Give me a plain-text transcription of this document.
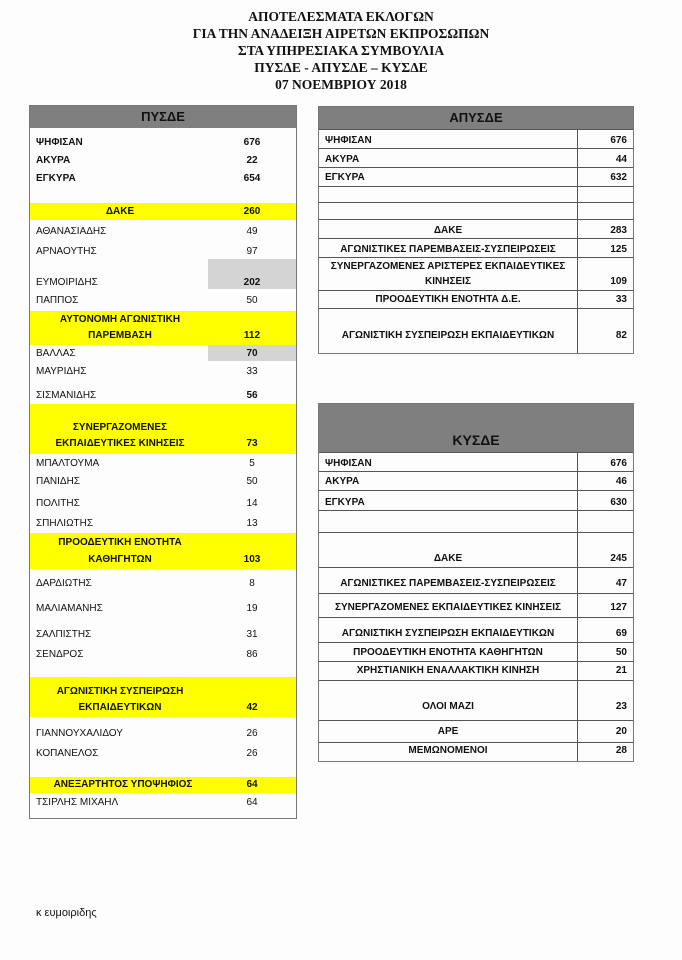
ΑΠΟΤΕΛΕΣΜΑΤΑ ΕΚΛΟΓΩΝ
ΓΙΑ ΤΗΝ ΑΝΑΔΕΙΞΗ ΑΙΡΕΤΩΝ ΕΚΠΡΟΣΩΠΩΝ
ΣΤΑ ΥΠΗΡΕΣΙΑΚΑ ΣΥΜΒΟΥΛΙΑ
ΠΥΣΔΕ - ΑΠΥΣΔΕ – ΚΥΣΔΕ
07 ΝΟΕΜΒΡΙΟΥ 2018
ΠΥΣΔΕ
ΨΗΦΙΣΑΝ	676
ΑΚΥΡΑ	22
ΕΓΚΥΡΑ	654
ΔΑΚΕ	260
ΑΘΑΝΑΣΙΑΔΗΣ	49
ΑΡΝΑΟΥΤΗΣ	97
ΕΥΜΟΙΡΙΔΗΣ	202
ΠΑΠΠΟΣ	50
ΑΥΤΟΝΟΜΗ ΑΓΩΝΙΣΤΙΚΗ
ΠΑΡΕΜΒΑΣΗ	112
ΒΑΛΛΑΣ	70
ΜΑΥΡΙΔΗΣ	33
ΣΙΣΜΑΝΙΔΗΣ	56
ΣΥΝΕΡΓΑΖΟΜΕΝΕΣ
ΕΚΠΑΙΔΕΥΤΙΚΕΣ ΚΙΝΗΣΕΙΣ	73
ΜΠΑΛΤΟΥΜΑ	5
ΠΑΝΙΔΗΣ	50
ΠΟΛΙΤΗΣ	14
ΣΠΗΛΙΩΤΗΣ	13
ΠΡΟΟΔΕΥΤΙΚΗ ΕΝΟΤΗΤΑ
ΚΑΘΗΓΗΤΩΝ	103
ΔΑΡΔΙΩΤΗΣ	8
ΜΑΛΙΑΜΑΝΗΣ	19
ΣΑΛΠΙΣΤΗΣ	31
ΣΕΝΔΡΟΣ	86
ΑΓΩΝΙΣΤΙΚΗ ΣΥΣΠΕΙΡΩΣΗ
ΕΚΠΑΙΔΕΥΤΙΚΩΝ	42
ΓΙΑΝΝΟΥΧΑΛΙΔΟΥ	26
ΚΟΠΑΝΕΛΟΣ	26
ΑΝΕΞΑΡΤΗΤΟΣ ΥΠΟΨΗΦΙΟΣ	64
ΤΣΙΡΛΗΣ ΜΙΧΑΗΛ	64
ΑΠΥΣΔΕ
ΨΗΦΙΣΑΝ	676
ΑΚΥΡΑ	44
ΕΓΚΥΡΑ	632
ΔΑΚΕ	283
ΑΓΩΝΙΣΤΙΚΕΣ ΠΑΡΕΜΒΑΣΕΙΣ-ΣΥΣΠΕΙΡΩΣΕΙΣ	125
ΣΥΝΕΡΓΑΖΟΜΕΝΕΣ ΑΡΙΣΤΕΡΕΣ ΕΚΠΑΙΔΕΥΤΙΚΕΣ
ΚΙΝΗΣΕΙΣ	109
ΠΡΟΟΔΕΥΤΙΚΗ ΕΝΟΤΗΤΑ Δ.Ε.	33
ΑΓΩΝΙΣΤΙΚΗ ΣΥΣΠΕΙΡΩΣΗ ΕΚΠΑΙΔΕΥΤΙΚΩΝ	82
ΚΥΣΔΕ
ΨΗΦΙΣΑΝ	676
ΑΚΥΡΑ	46
ΕΓΚΥΡΑ	630
ΔΑΚΕ	245
ΑΓΩΝΙΣΤΙΚΕΣ ΠΑΡΕΜΒΑΣΕΙΣ-ΣΥΣΠΕΙΡΩΣΕΙΣ	47
ΣΥΝΕΡΓΑΖΟΜΕΝΕΣ ΕΚΠΑΙΔΕΥΤΙΚΕΣ ΚΙΝΗΣΕΙΣ	127
ΑΓΩΝΙΣΤΙΚΗ ΣΥΣΠΕΙΡΩΣΗ ΕΚΠΑΙΔΕΥΤΙΚΩΝ	69
ΠΡΟΟΔΕΥΤΙΚΗ ΕΝΟΤΗΤΑ ΚΑΘΗΓΗΤΩΝ	50
ΧΡΗΣΤΙΑΝΙΚΗ ΕΝΑΛΛΑΚΤΙΚΗ ΚΙΝΗΣΗ	21
ΟΛΟΙ ΜΑΖΙ	23
ΑΡΕ	20
ΜΕΜΩΝΟΜΕΝΟΙ	28
κ ευμοιριδης
